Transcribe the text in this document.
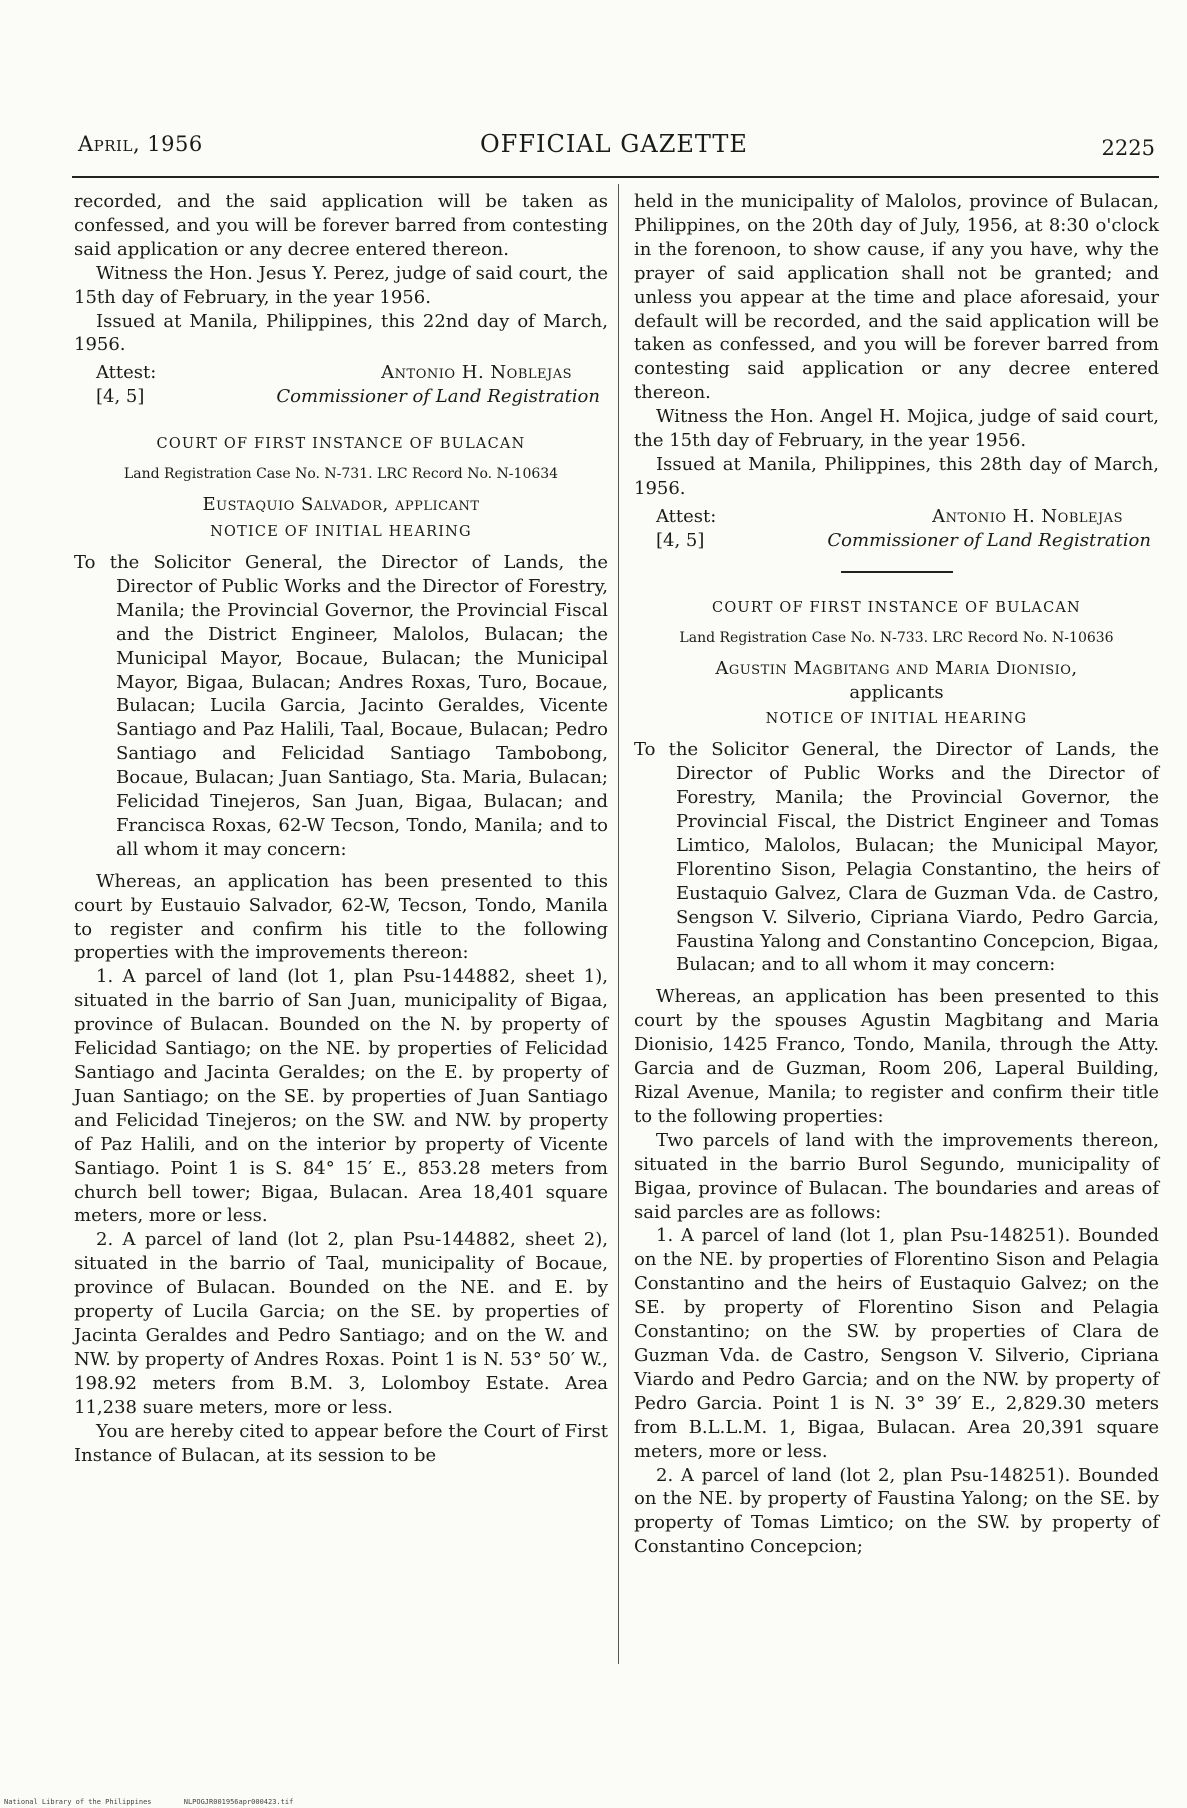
April, 1956	OFFICIAL GAZETTE	2225

recorded, and the said application will be taken as confessed, and you will be forever barred from contesting said application or any decree entered thereon.

Witness the Hon. Jesus Y. Perez, judge of said court, the 15th day of February, in the year 1956.

Issued at Manila, Philippines, this 22nd day of March, 1956.

Attest:
[4, 5]
Antonio H. Noblejas
Commissioner of Land Registration

COURT OF FIRST INSTANCE OF BULACAN

Land Registration Case No. N-731. LRC Record No. N-10634

Eustaquio Salvador, applicant

NOTICE OF INITIAL HEARING

To the Solicitor General, the Director of Lands, the Director of Public Works and the Director of Forestry, Manila; the Provincial Governor, the Provincial Fiscal and the District Engineer, Malolos, Bulacan; the Municipal Mayor, Bocaue, Bulacan; the Municipal Mayor, Bigaa, Bulacan; Andres Roxas, Turo, Bocaue, Bulacan; Lucila Garcia, Jacinto Geraldes, Vicente Santiago and Paz Halili, Taal, Bocaue, Bulacan; Pedro Santiago and Felicidad Santiago Tambobong, Bocaue, Bulacan; Juan Santiago, Sta. Maria, Bulacan; Felicidad Tinejeros, San Juan, Bigaa, Bulacan; and Francisca Roxas, 62-W Tecson, Tondo, Manila; and to all whom it may concern:

Whereas, an application has been presented to this court by Eustauio Salvador, 62-W, Tecson, Tondo, Manila to register and confirm his title to the following properties with the improvements thereon:

1. A parcel of land (lot 1, plan Psu-144882, sheet 1), situated in the barrio of San Juan, municipality of Bigaa, province of Bulacan. Bounded on the N. by property of Felicidad Santiago; on the NE. by properties of Felicidad Santiago and Jacinta Geraldes; on the E. by property of Juan Santiago; on the SE. by properties of Juan Santiago and Felicidad Tinejeros; on the SW. and NW. by property of Paz Halili, and on the interior by property of Vicente Santiago. Point 1 is S. 84° 15′ E., 853.28 meters from church bell tower; Bigaa, Bulacan. Area 18,401 square meters, more or less.

2. A parcel of land (lot 2, plan Psu-144882, sheet 2), situated in the barrio of Taal, municipality of Bocaue, province of Bulacan. Bounded on the NE. and E. by property of Lucila Garcia; on the SE. by properties of Jacinta Geraldes and Pedro Santiago; and on the W. and NW. by property of Andres Roxas. Point 1 is N. 53° 50′ W., 198.92 meters from B.M. 3, Lolomboy Estate. Area 11,238 suare meters, more or less.

You are hereby cited to appear before the Court of First Instance of Bulacan, at its session to be

held in the municipality of Malolos, province of Bulacan, Philippines, on the 20th day of July, 1956, at 8:30 o'clock in the forenoon, to show cause, if any you have, why the prayer of said application shall not be granted; and unless you appear at the time and place aforesaid, your default will be recorded, and the said application will be taken as confessed, and you will be forever barred from contesting said application or any decree entered thereon.

Witness the Hon. Angel H. Mojica, judge of said court, the 15th day of February, in the year 1956.

Issued at Manila, Philippines, this 28th day of March, 1956.

Attest:
[4, 5]
Antonio H. Noblejas
Commissioner of Land Registration

COURT OF FIRST INSTANCE OF BULACAN

Land Registration Case No. N-733. LRC Record No. N-10636

Agustin Magbitang and Maria Dionisio,

applicants

NOTICE OF INITIAL HEARING

To the Solicitor General, the Director of Lands, the Director of Public Works and the Director of Forestry, Manila; the Provincial Governor, the Provincial Fiscal, the District Engineer and Tomas Limtico, Malolos, Bulacan; the Municipal Mayor, Florentino Sison, Pelagia Constantino, the heirs of Eustaquio Galvez, Clara de Guzman Vda. de Castro, Sengson V. Silverio, Cipriana Viardo, Pedro Garcia, Faustina Yalong and Constantino Concepcion, Bigaa, Bulacan; and to all whom it may concern:

Whereas, an application has been presented to this court by the spouses Agustin Magbitang and Maria Dionisio, 1425 Franco, Tondo, Manila, through the Atty. Garcia and de Guzman, Room 206, Laperal Building, Rizal Avenue, Manila; to register and confirm their title to the following properties:

Two parcels of land with the improvements thereon, situated in the barrio Burol Segundo, municipality of Bigaa, province of Bulacan. The boundaries and areas of said parcles are as follows:

1. A parcel of land (lot 1, plan Psu-148251). Bounded on the NE. by properties of Florentino Sison and Pelagia Constantino and the heirs of Eustaquio Galvez; on the SE. by property of Florentino Sison and Pelagia Constantino; on the SW. by properties of Clara de Guzman Vda. de Castro, Sengson V. Silverio, Cipriana Viardo and Pedro Garcia; and on the NW. by property of Pedro Garcia. Point 1 is N. 3° 39′ E., 2,829.30 meters from B.L.L.M. 1, Bigaa, Bulacan. Area 20,391 square meters, more or less.

2. A parcel of land (lot 2, plan Psu-148251). Bounded on the NE. by property of Faustina Yalong; on the SE. by property of Tomas Limtico; on the SW. by property of Constantino Concepcion;

National Library of the Philippines	NLPOGJR001956apr000423.tif
